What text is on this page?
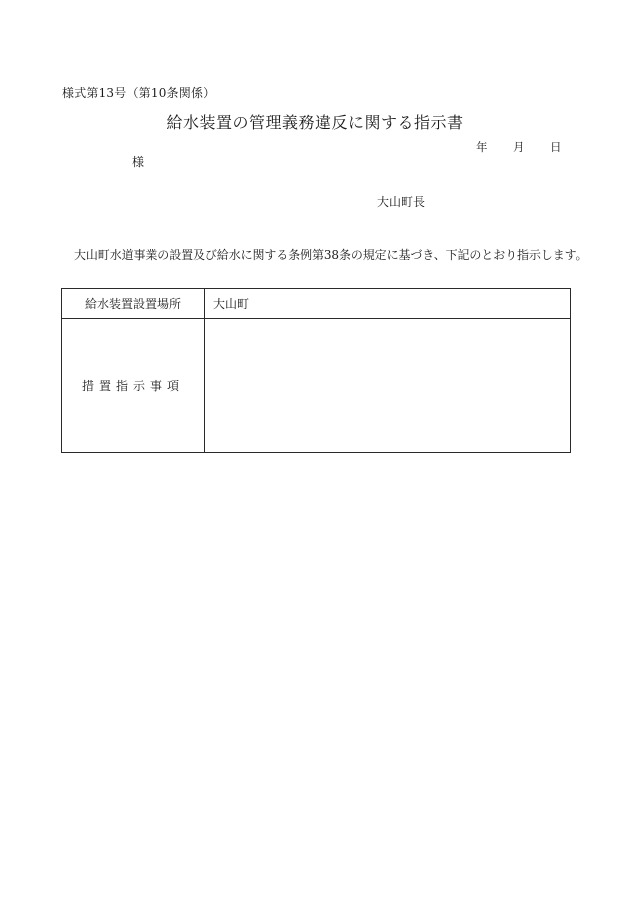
様式第13号（第10条関係）
給水装置の管理義務違反に関する指示書
年 月 日
様
大山町長
大山町水道事業の設置及び給水に関する条例第38条の規定に基づき、下記のとおり指示します。
給水装置設置場所	大山町
措置指示事項
